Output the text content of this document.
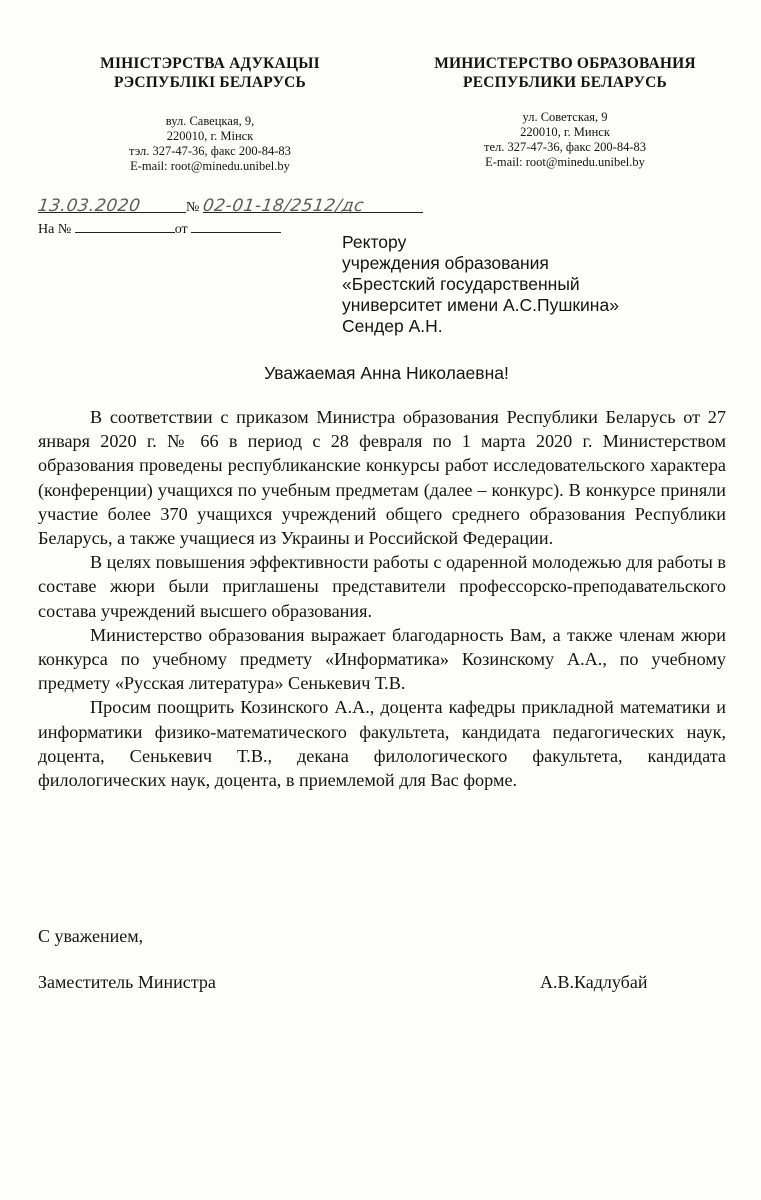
МІНІСТЭРСТВА АДУКАЦЫІ

РЭСПУБЛІКІ БЕЛАРУСЬ

вул. Савецкая, 9,
220010, г. Мінск
тэл. 327-47-36, факс 200-84-83
E-mail: root@minedu.unibel.by

МИНИСТЕРСТВО ОБРАЗОВАНИЯ

РЕСПУБЛИКИ БЕЛАРУСЬ

ул. Советская, 9
220010, г. Минск
тел. 327-47-36, факс 200-84-83
E-mail: root@minedu.unibel.by
13.03.2020	№ 02-01-18/2512/дс
На №	от
Ректору
учреждения образования
«Брестский государственный
университет имени А.С.Пушкина»
Сендер А.Н.
Уважаемая Анна Николаевна!

В соответствии с приказом Министра образования Республики Беларусь от 27 января 2020 г. № 66 в период с 28 февраля по 1 марта 2020 г. Министерством образования проведены республиканские конкурсы работ исследовательского характера (конференции) учащихся по учебным предметам (далее – конкурс). В конкурсе приняли участие более 370 учащихся учреждений общего среднего образования Республики Беларусь, а также учащиеся из Украины и Российской Федерации.

В целях повышения эффективности работы с одаренной молодежью для работы в составе жюри были приглашены представители профессорско-преподавательского состава учреждений высшего образования.

Министерство образования выражает благодарность Вам, а также членам жюри конкурса по учебному предмету «Информатика» Козинскому А.А., по учебному предмету «Русская литература» Сенькевич Т.В.

Просим поощрить Козинского А.А., доцента кафедры прикладной математики и информатики физико-математического факультета, кандидата педагогических наук, доцента, Сенькевич Т.В., декана филологического факультета, кандидата филологических наук, доцента, в приемлемой для Вас форме.

С уважением,
Заместитель Министра	А.В.Кадлубай
